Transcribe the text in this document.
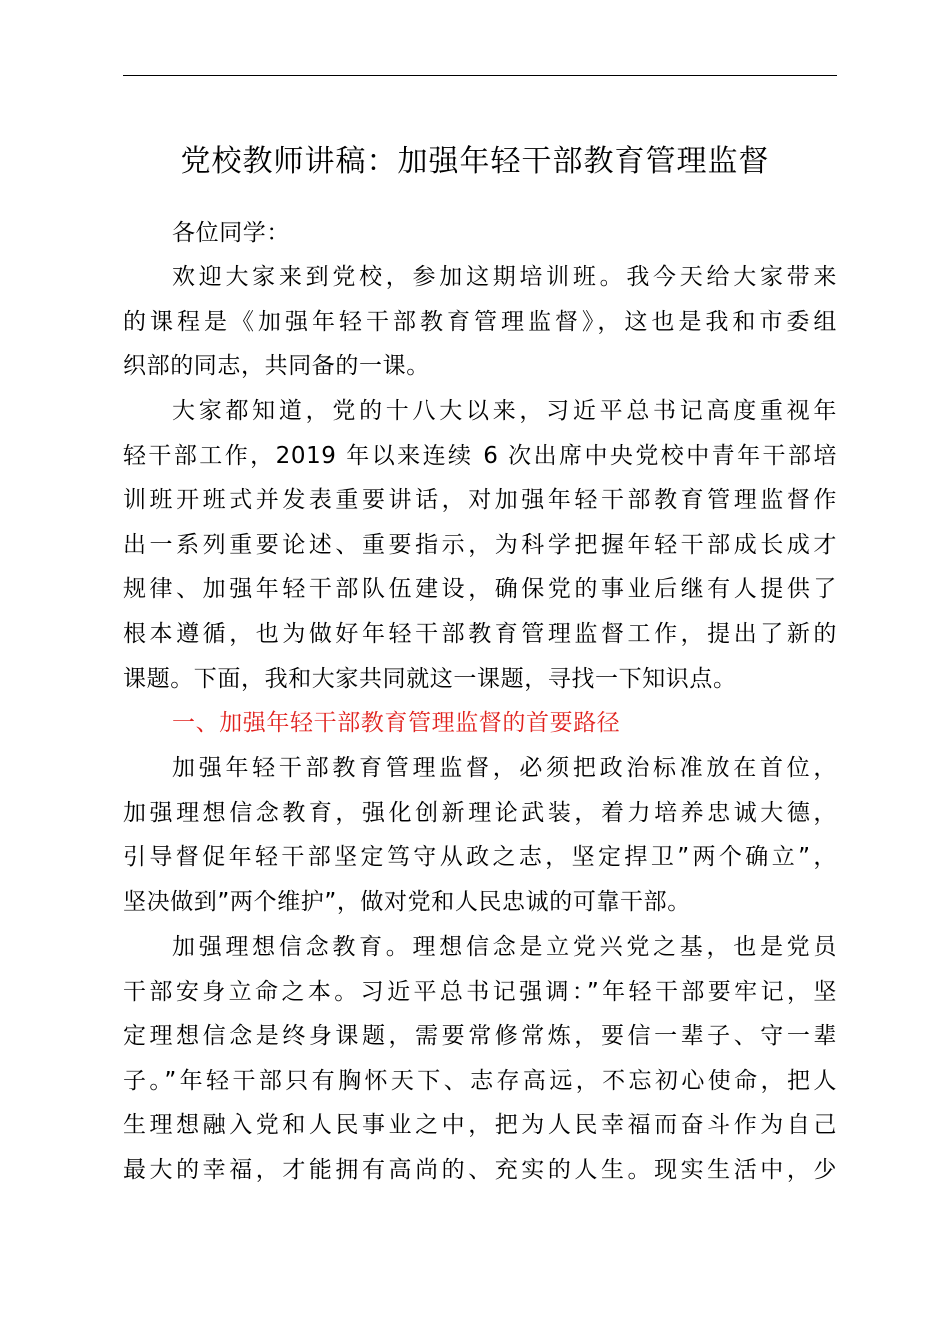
党校教师讲稿：加强年轻干部教育管理监督
各位同学：
欢迎大家来到党校，参加这期培训班。我今天给大家带来
的课程是《加强年轻干部教育管理监督》，这也是我和市委组
织部的同志，共同备的一课。
大家都知道，党的十八大以来，习近平总书记高度重视年
轻干部工作，2019 年以来连续 6 次出席中央党校中青年干部培
训班开班式并发表重要讲话，对加强年轻干部教育管理监督作
出一系列重要论述、重要指示，为科学把握年轻干部成长成才
规律、加强年轻干部队伍建设，确保党的事业后继有人提供了
根本遵循，也为做好年轻干部教育管理监督工作，提出了新的
课题。下面，我和大家共同就这一课题，寻找一下知识点。
一、加强年轻干部教育管理监督的首要路径
加强年轻干部教育管理监督，必须把政治标准放在首位，
加强理想信念教育，强化创新理论武装，着力培养忠诚大德，
引导督促年轻干部坚定笃守从政之志，坚定捍卫”两个确立”，
坚决做到”两个维护”，做对党和人民忠诚的可靠干部。
加强理想信念教育。理想信念是立党兴党之基，也是党员
干部安身立命之本。习近平总书记强调：”年轻干部要牢记，坚
定理想信念是终身课题，需要常修常炼，要信一辈子、守一辈
子。”年轻干部只有胸怀天下、志存高远，不忘初心使命，把人
生理想融入党和人民事业之中，把为人民幸福而奋斗作为自己
最大的幸福，才能拥有高尚的、充实的人生。现实生活中，少
